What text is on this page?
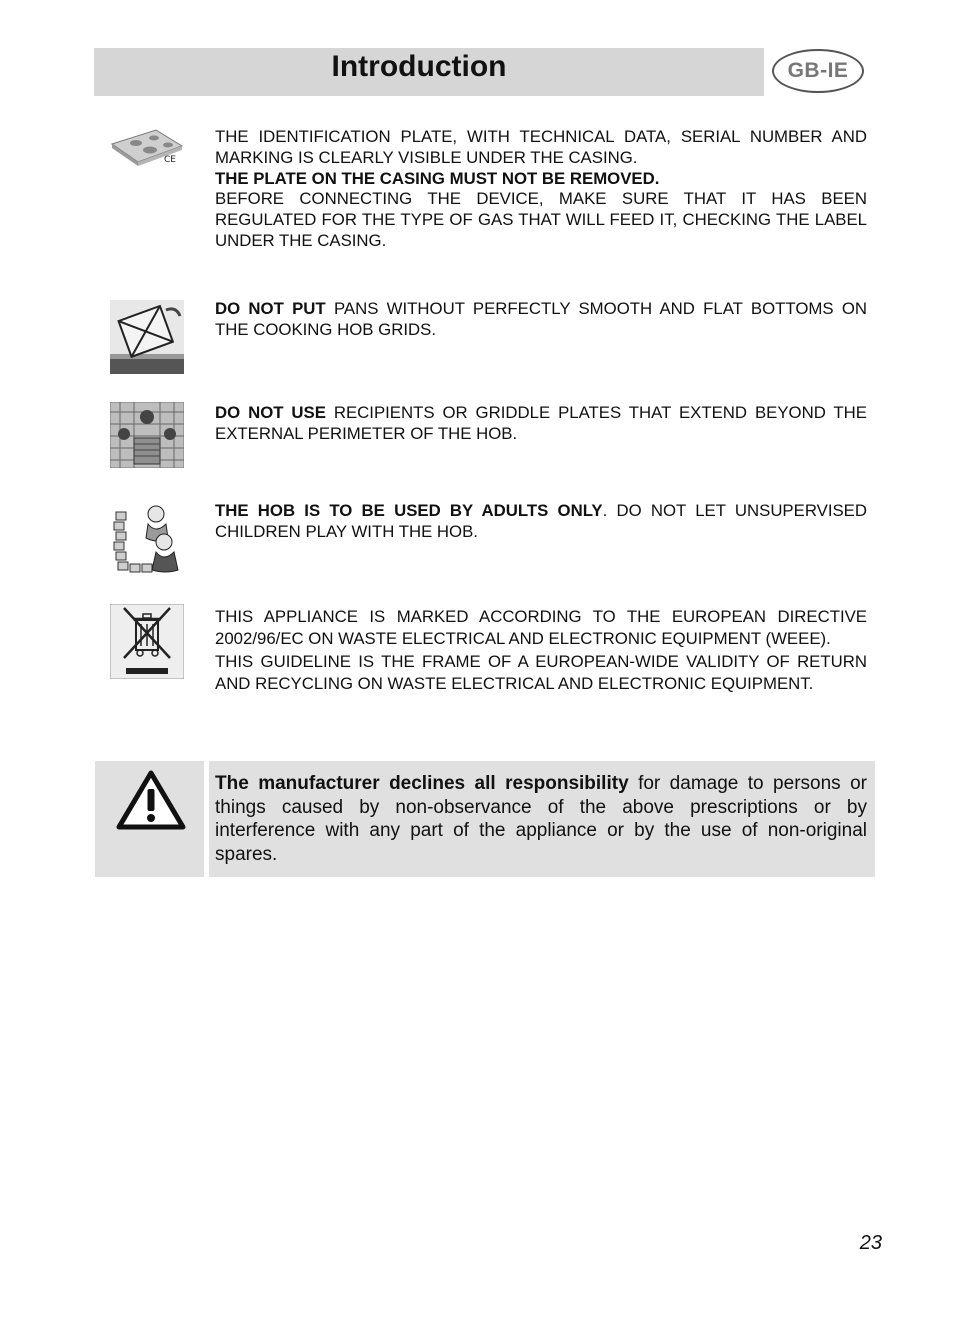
Introduction	GB-IE
CE

THE IDENTIFICATION PLATE, WITH TECHNICAL DATA, SERIAL NUMBER AND MARKING IS CLEARLY VISIBLE UNDER THE CASING.

THE PLATE ON THE CASING MUST NOT BE REMOVED.

BEFORE CONNECTING THE DEVICE, MAKE SURE THAT IT HAS BEEN REGULATED FOR THE TYPE OF GAS THAT WILL FEED IT, CHECKING THE LABEL UNDER THE CASING.

DO NOT PUT PANS WITHOUT PERFECTLY SMOOTH AND FLAT BOTTOMS ON THE COOKING HOB GRIDS.

DO NOT USE RECIPIENTS OR GRIDDLE PLATES THAT EXTEND BEYOND THE EXTERNAL PERIMETER OF THE HOB.

THE HOB IS TO BE USED BY ADULTS ONLY. DO NOT LET UNSUPERVISED CHILDREN PLAY WITH THE HOB.

THIS APPLIANCE IS MARKED ACCORDING TO THE EUROPEAN DIRECTIVE 2002/96/EC ON WASTE ELECTRICAL AND ELECTRONIC EQUIPMENT (WEEE).

THIS GUIDELINE IS THE FRAME OF A EUROPEAN-WIDE VALIDITY OF RETURN AND RECYCLING ON WASTE ELECTRICAL AND ELECTRONIC EQUIPMENT.

The manufacturer declines all responsibility for damage to persons or things caused by non-observance of the above prescriptions or by interference with any part of the appliance or by the use of non-original spares.
23
